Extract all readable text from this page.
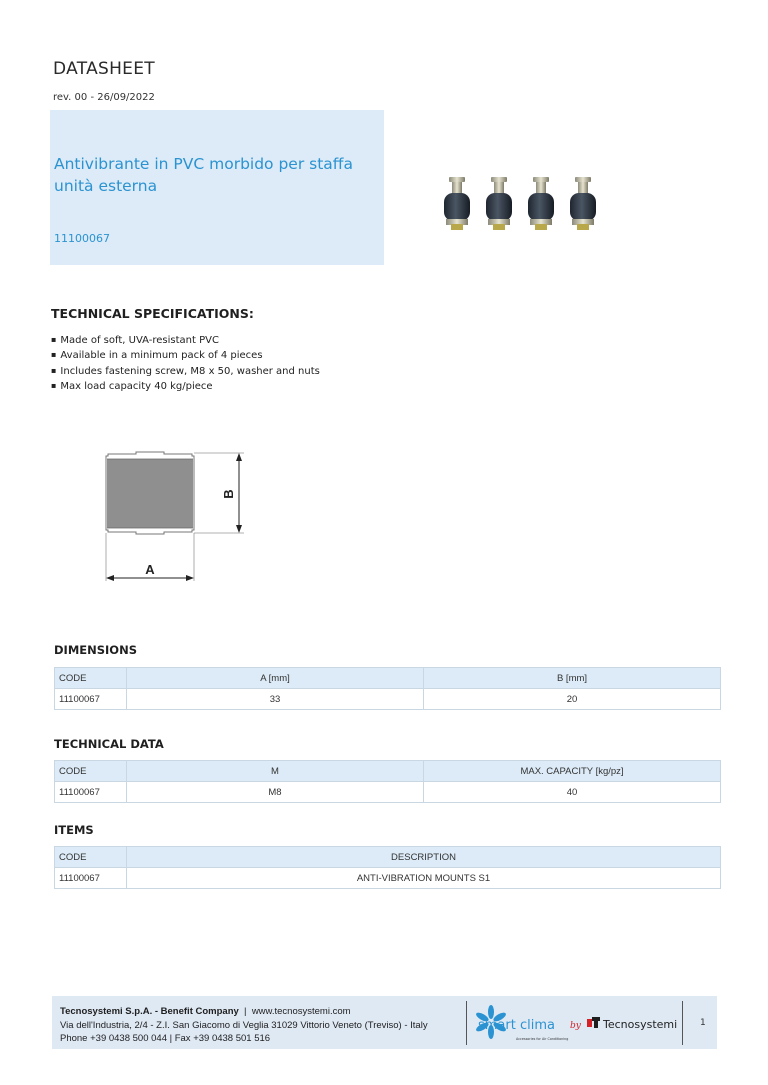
DATASHEET
rev. 00 - 26/09/2022
Antivibrante in PVC morbido per staffa unità esterna
11100067
TECHNICAL SPECIFICATIONS:
▪ Made of soft, UVA-resistant PVC
▪ Available in a minimum pack of 4 pieces
▪ Includes fastening screw, M8 x 50, washer and nuts
▪ Max load capacity 40 kg/piece
A
B
DIMENSIONS
CODE	A [mm]	B [mm]
11100067	33	20
TECHNICAL DATA
CODE	M	MAX. CAPACITY [kg/pz]
11100067	M8	40
ITEMS
CODE	DESCRIPTION
11100067	ANTI-VIBRATION MOUNTS S1
Tecnosystemi S.p.A. - Benefit Company  |  www.tecnosystemi.com
Via dell'Industria, 2/4 - Z.I. San Giacomo di Veglia 31029 Vittorio Veneto (Treviso) - Italy
Phone +39 0438 500 044 | Fax +39 0438 501 516
smart clima
Accessories for Air Conditioning
by Tecnosystemi	1
